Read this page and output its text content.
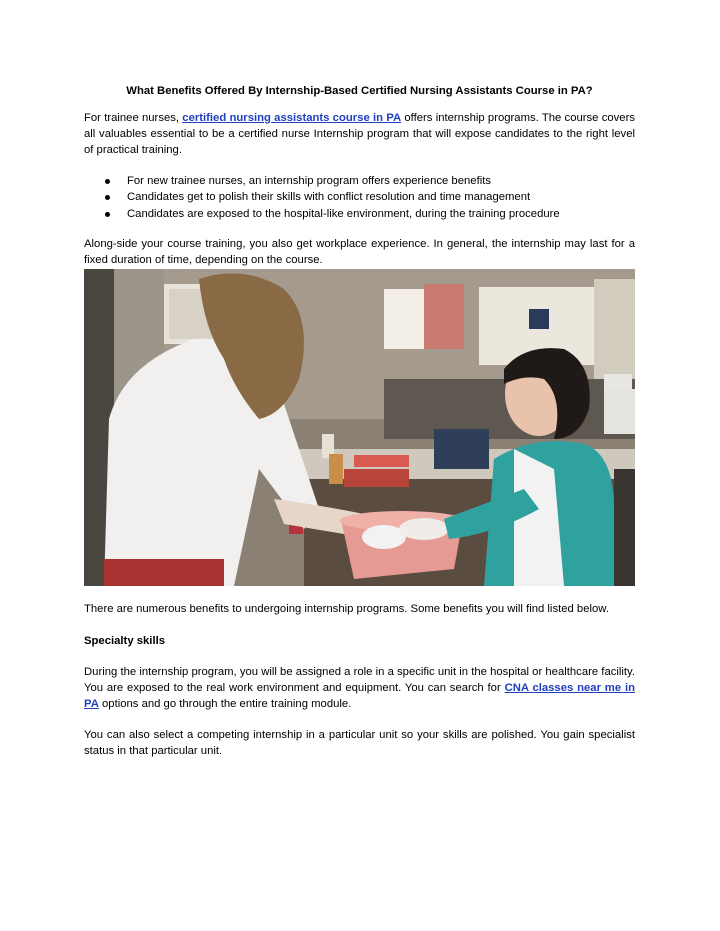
What Benefits Offered By Internship-Based Certified Nursing Assistants Course in PA?
For trainee nurses, certified nursing assistants course in PA offers internship programs. The course covers all valuables essential to be a certified nurse Internship program that will expose candidates to the right level of practical training.
For new trainee nurses, an internship program offers experience benefits
Candidates get to polish their skills with conflict resolution and time management
Candidates are exposed to the hospital-like environment, during the training procedure
Along-side your course training, you also get workplace experience. In general, the internship may last for a fixed duration of time, depending on the course.
There are numerous benefits to undergoing internship programs. Some benefits you will find listed below.
Specialty skills
During the internship program, you will be assigned a role in a specific unit in the hospital or healthcare facility. You are exposed to the real work environment and equipment. You can search for CNA classes near me in PA options and go through the entire training module.
You can also select a competing internship in a particular unit so your skills are polished. You gain specialist status in that particular unit.
